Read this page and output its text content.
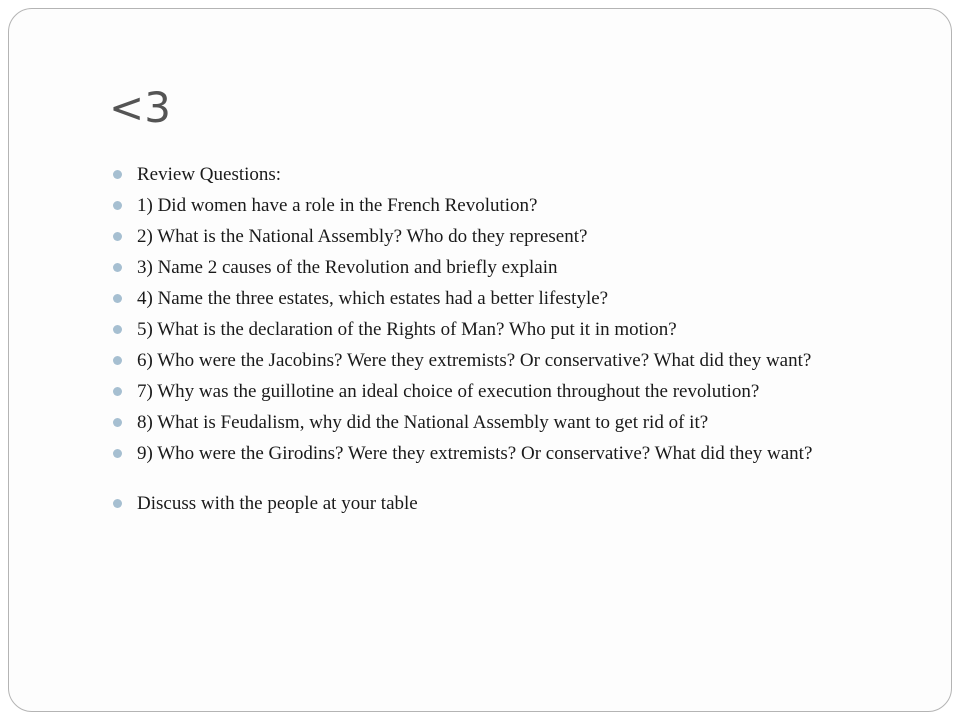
<3
Review Questions:
1) Did women have a role in the French Revolution?
2) What is the National Assembly? Who do they represent?
3) Name 2 causes of the Revolution and briefly explain
4) Name the three estates, which estates had a better lifestyle?
5) What is the declaration of the Rights of Man? Who put it in motion?
6) Who were the Jacobins? Were they extremists? Or conservative? What did they want?
7) Why was the guillotine an ideal choice of execution throughout the revolution?
8) What is Feudalism, why did the National Assembly want to get rid of it?
9) Who were the Girodins? Were they extremists? Or conservative? What did they want?
Discuss with the people at your table
